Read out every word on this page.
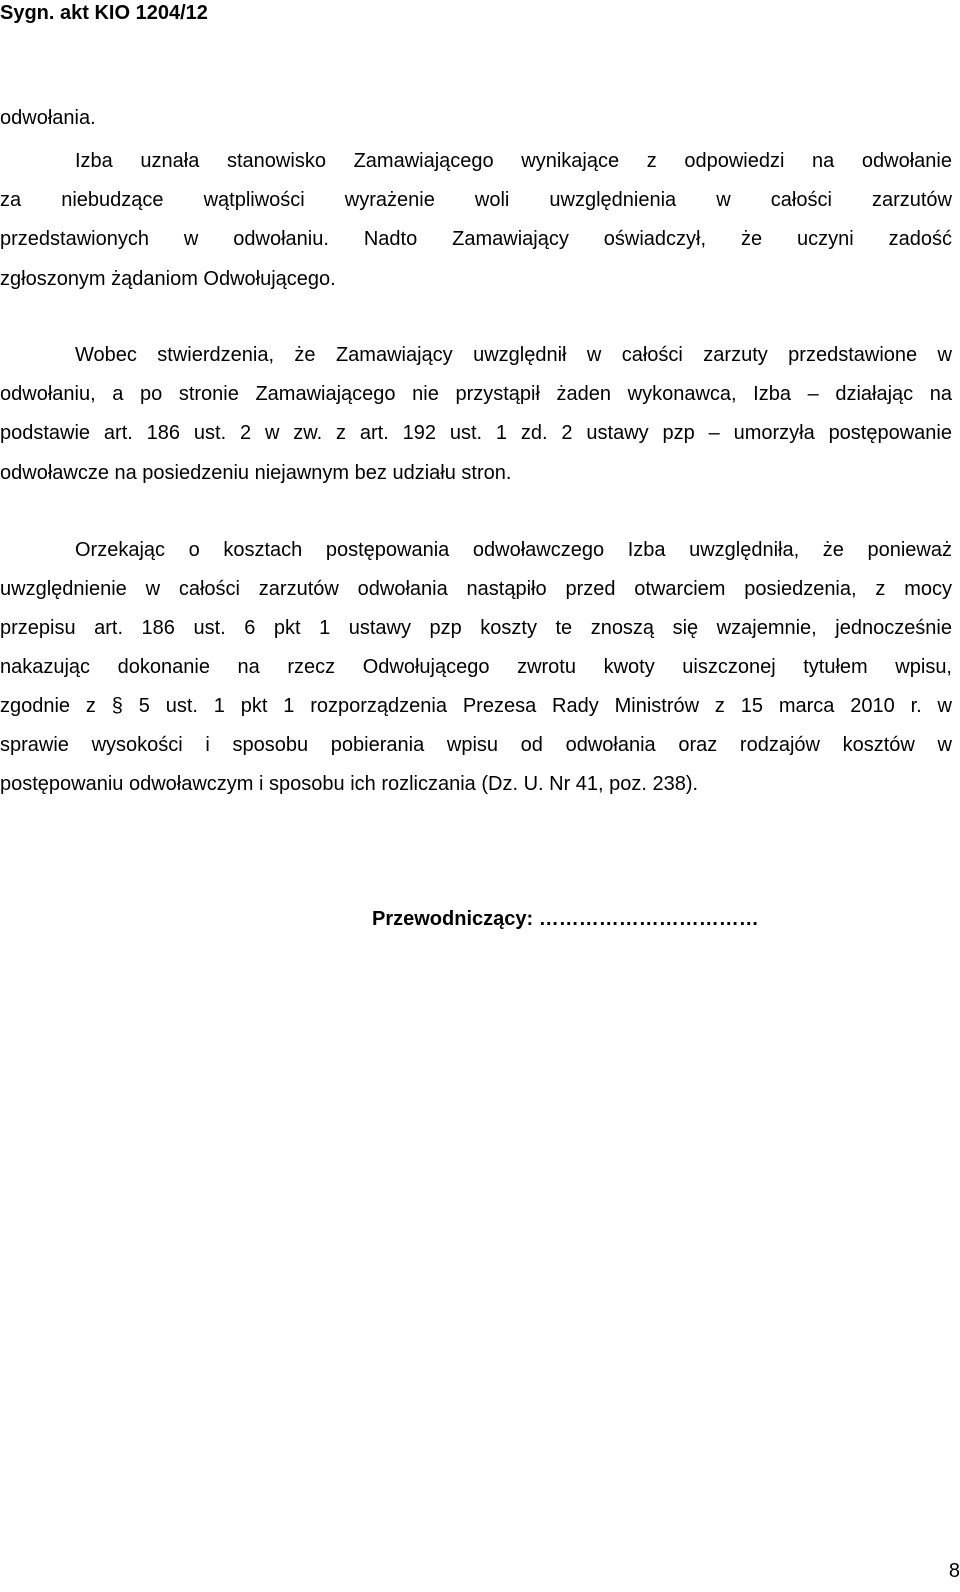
Sygn. akt KIO 1204/12
odwołania.
Izba uznała stanowisko Zamawiającego wynikające z odpowiedzi na odwołanie
za niebudzące wątpliwości wyrażenie woli uwzględnienia w całości zarzutów
przedstawionych w odwołaniu. Nadto Zamawiający oświadczył, że uczyni zadość
zgłoszonym żądaniom Odwołującego.
Wobec stwierdzenia, że Zamawiający uwzględnił w całości zarzuty przedstawione w
odwołaniu, a po stronie Zamawiającego nie przystąpił żaden wykonawca, Izba – działając na
podstawie art. 186 ust. 2 w zw. z art. 192 ust. 1 zd. 2 ustawy pzp – umorzyła postępowanie
odwoławcze na posiedzeniu niejawnym bez udziału stron.
Orzekając o kosztach postępowania odwoławczego Izba uwzględniła, że ponieważ
uwzględnienie w całości zarzutów odwołania nastąpiło przed otwarciem posiedzenia, z mocy
przepisu art. 186 ust. 6 pkt 1 ustawy pzp koszty te znoszą się wzajemnie, jednocześnie
nakazując dokonanie na rzecz Odwołującego zwrotu kwoty uiszczonej tytułem wpisu,
zgodnie z § 5 ust. 1 pkt 1 rozporządzenia Prezesa Rady Ministrów z 15 marca 2010 r. w
sprawie wysokości i sposobu pobierania wpisu od odwołania oraz rodzajów kosztów w
postępowaniu odwoławczym i sposobu ich rozliczania (Dz. U. Nr 41, poz. 238).
Przewodniczący: ……………………………
8
